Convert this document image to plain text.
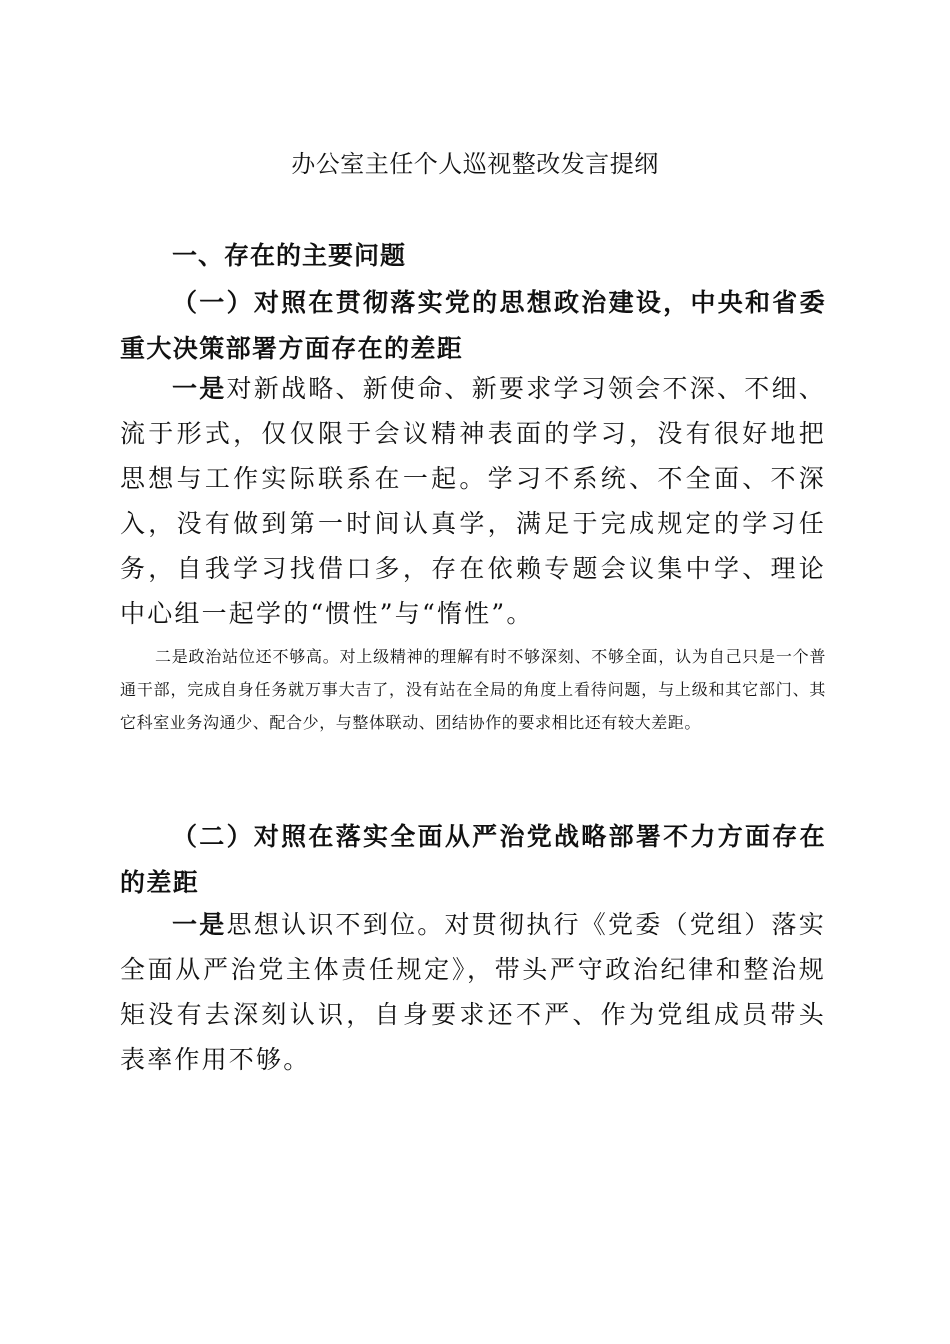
办公室主任个人巡视整改发言提纲
一、存在的主要问题
（一）对照在贯彻落实党的思想政治建设，中央和省委重大决策部署方面存在的差距
一是对新战略、新使命、新要求学习领会不深、不细、流于形式，仅仅限于会议精神表面的学习，没有很好地把思想与工作实际联系在一起。学习不系统、不全面、不深入，没有做到第一时间认真学，满足于完成规定的学习任务，自我学习找借口多，存在依赖专题会议集中学、理论中心组一起学的“惯性”与“惰性”。
二是政治站位还不够高。对上级精神的理解有时不够深刻、不够全面，认为自己只是一个普通干部，完成自身任务就万事大吉了，没有站在全局的角度上看待问题，与上级和其它部门、其它科室业务沟通少、配合少，与整体联动、团结协作的要求相比还有较大差距。
（二）对照在落实全面从严治党战略部署不力方面存在的差距
一是思想认识不到位。对贯彻执行《党委（党组）落实全面从严治党主体责任规定》，带头严守政治纪律和整治规矩没有去深刻认识，自身要求还不严、作为党组成员带头表率作用不够。
